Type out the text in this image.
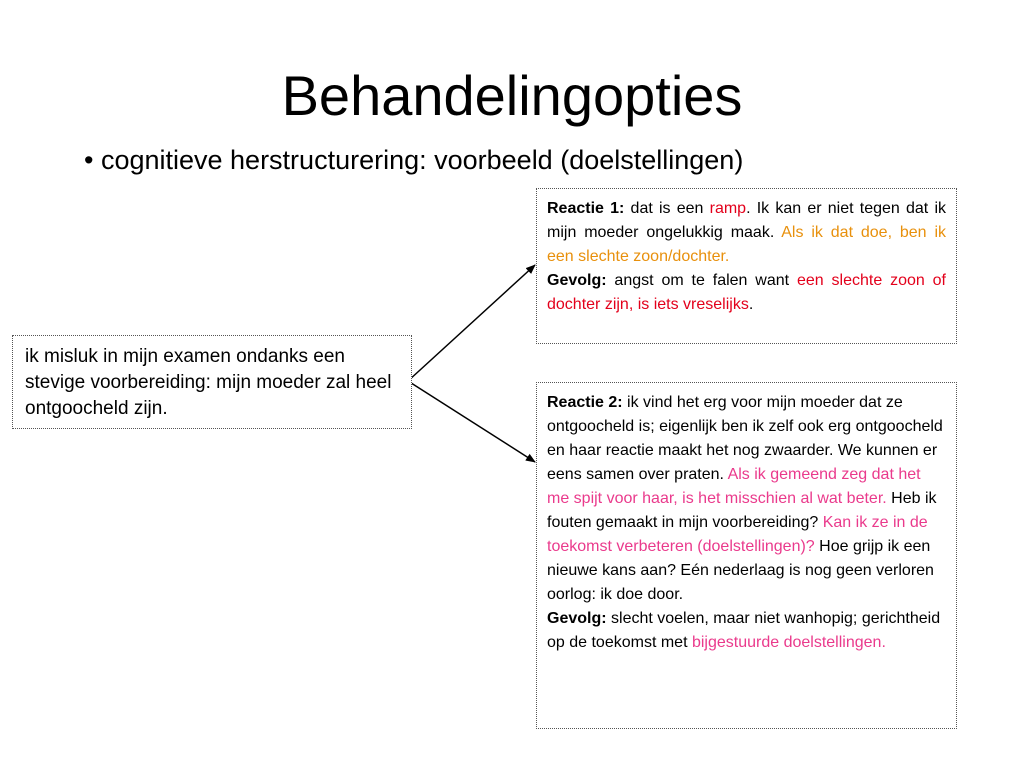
Behandelingopties
• cognitieve herstructurering: voorbeeld (doelstellingen)
ik misluk in mijn examen ondanks een stevige voorbereiding: mijn moeder zal heel ontgoocheld zijn.
Reactie 1: dat is een ramp. Ik kan er niet tegen dat ik mijn moeder ongelukkig maak. Als ik dat doe, ben ik een slechte zoon/dochter.
Gevolg: angst om te falen want een slechte zoon of dochter zijn, is iets vreselijks.
Reactie 2: ik vind het erg voor mijn moeder dat ze ontgoocheld is; eigenlijk ben ik zelf ook erg ontgoocheld en haar reactie maakt het nog zwaarder. We kunnen er eens samen over praten. Als ik gemeend zeg dat het me spijt voor haar, is het misschien al wat beter. Heb ik fouten gemaakt in mijn voorbereiding? Kan ik ze in de toekomst verbeteren (doelstellingen)? Hoe grijp ik een nieuwe kans aan? Eén nederlaag is nog geen verloren oorlog: ik doe door.
Gevolg: slecht voelen, maar niet wanhopig; gerichtheid op de toekomst met bijgestuurde doelstellingen.
